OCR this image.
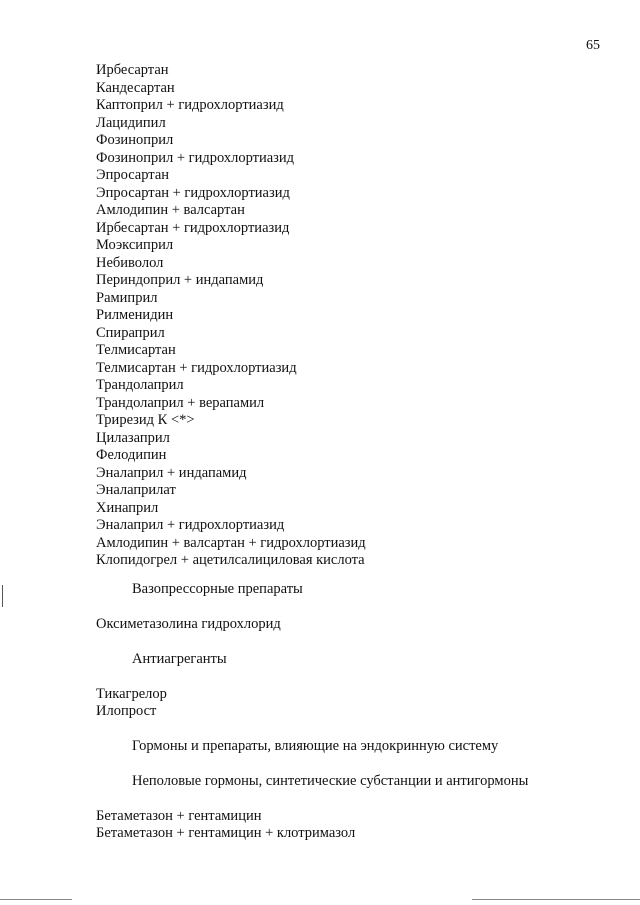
65
Ирбесартан
Кандесартан
Каптоприл + гидрохлортиазид
Лацидипил
Фозиноприл
Фозиноприл + гидрохлортиазид
Эпросартан
Эпросартан + гидрохлортиазид
Амлодипин + валсартан
Ирбесартан + гидрохлортиазид
Моэксиприл
Небиволол
Периндоприл + индапамид
Рамиприл
Рилменидин
Спираприл
Телмисартан
Телмисартан + гидрохлортиазид
Трандолаприл
Трандолаприл + верапамил
Трирезид К <*>
Цилазаприл
Фелодипин
Эналаприл + индапамид
Эналаприлат
Хинаприл
Эналаприл + гидрохлортиазид
Амлодипин + валсартан + гидрохлортиазид
Клопидогрел + ацетилсалициловая кислота
Вазопрессорные препараты
Оксиметазолина гидрохлорид
Антиагреганты
Тикагрелор
Илопрост
Гормоны и препараты, влияющие на эндокринную систему
Неполовые гормоны, синтетические субстанции и антигормоны
Бетаметазон + гентамицин
Бетаметазон + гентамицин + клотримазол
